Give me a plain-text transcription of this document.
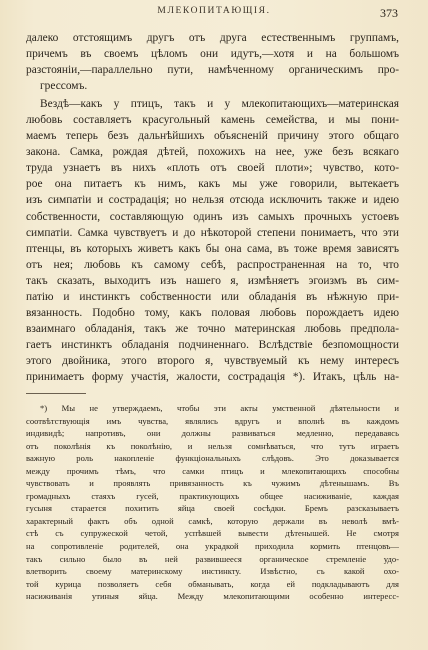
МЛЕКОПИТАЮЩІЯ.	373
далеко отстоящимъ другъ отъ друга естественнымъ группамъ,
причемъ въ своемъ цѣломъ они идутъ,—хотя и на большомъ
разстояніи,—параллельно пути, намѣченному органическимъ про-
грессомъ.
Вездѣ—какъ у птицъ, такъ и у млекопитающихъ—материнская
любовь составляетъ красугольный камень семейства, и мы пони-
маемъ теперь безъ дальнѣйшихъ объясненій причину этого общаго
закона. Самка, рождая дѣтей, похожихъ на нее, уже безъ всякаго
труда узнаетъ въ нихъ «плоть отъ своей плоти»; чувство, кото-
рое она питаетъ къ нимъ, какъ мы уже говорили, вытекаетъ
изъ симпатіи и сострадація; но нельзя отсюда исключить также и идею
собственности, составляющую одинъ изъ самыхъ прочныхъ устоевъ
симпатіи. Самка чувствуетъ и до нѣкоторой степени понимаетъ, что эти
птенцы, въ которыхъ живетъ какъ бы она сама, въ тоже время зависятъ
отъ нея; любовь къ самому себѣ, распространенная на то, что
такъ сказать, выходитъ изъ нашего я, измѣняетъ эгоизмъ въ сим-
патію и инстинктъ собственности или обладанія въ нѣжную при-
вязанность. Подобно тому, какъ половая любовь порождаетъ идею
взаимнаго обладанія, такъ же точно материнская любовь предпола-
гаетъ инстинктъ обладанія подчиненнаго. Вслѣдствіе безпомощности
этого двойника, этого второго я, чувствуемый къ нему интересъ
принимаетъ форму участія, жалости, сострадація *). Итакъ, цѣль на-
*) Мы не утверждаемъ, чтобы эти акты умственной дѣятельности и
соотвѣтствующія имъ чувства, являлись вдругъ и вполнѣ въ каждомъ
индивидѣ; напротивъ, они должны развиваться медленно, передаваясь
отъ поколѣнія къ поколѣнію, и нельзя сомнѣваться, что тутъ играетъ
важную роль накопленіе функціональныхъ слѣдовъ. Это доказывается
между прочимъ тѣмъ, что самки птицъ и млекопитающихъ способны
чувствовать и проявлять привязанность къ чужимъ дѣтенышамъ. Въ
громадныхъ стаяхъ гусей, практикующихъ общее насиживаніе, каждая
гусыня старается похитить яйца своей сосѣдки. Бремъ разсказываетъ
характерный фактъ объ одной самкѣ, которую держали въ неволѣ вмѣ-
стѣ съ супружеской четой, успѣвшей вывести дѣтенышей. Не смотря
на сопротивленіе родителей, она украдкой приходила кормить птенцовъ—
такъ сильно было въ ней развившееся органическое стремленіе удо-
влетворить своему материнскому инстинкту. Извѣстно, съ какой охо-
той курица позволяетъ себя обманывать, когда ей подкладываютъ для
насиживанія утиныя яйца. Между млекопитающими особенно интересс-
